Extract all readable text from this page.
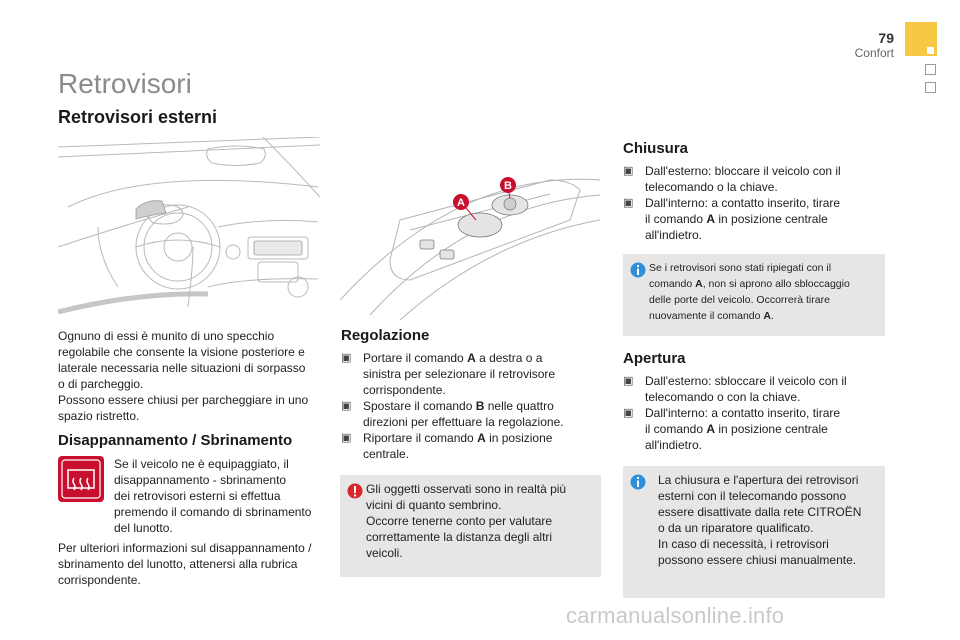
79
Confort
Retrovisori
Retrovisori esterni
A
B
Ognuno di essi è munito di uno specchio
regolabile che consente la visione posteriore e
laterale necessaria nelle situazioni di sorpasso
o di parcheggio.
Possono essere chiusi per parcheggiare in uno
spazio ristretto.
Disappannamento / Sbrinamento
Se il veicolo ne è equipaggiato, il
disappannamento - sbrinamento
dei retrovisori esterni si effettua
premendo il comando di sbrinamento
del lunotto.
Per ulteriori informazioni sul disappannamento /
sbrinamento del lunotto, attenersi alla rubrica
corrispondente.
Regolazione
▣ Portare il comando A a destra o a
sinistra per selezionare il retrovisore
corrispondente.
▣ Spostare il comando B nelle quattro
direzioni per effettuare la regolazione.
▣ Riportare il comando A in posizione
centrale.
Gli oggetti osservati sono in realtà più
vicini di quanto sembrino.
Occorre tenerne conto per valutare
correttamente la distanza degli altri
veicoli.
Chiusura
▣ Dall'esterno: bloccare il veicolo con il
telecomando o la chiave.
▣ Dall'interno: a contatto inserito, tirare
il comando A in posizione centrale
all'indietro.
Se i retrovisori sono stati ripiegati con il
comando A, non si aprono allo sbloccaggio
delle porte del veicolo. Occorrerà tirare
nuovamente il comando A.
Apertura
▣ Dall'esterno: sbloccare il veicolo con il
telecomando o con la chiave.
▣ Dall'interno: a contatto inserito, tirare
il comando A in posizione centrale
all'indietro.
La chiusura e l'apertura dei retrovisori
esterni con il telecomando possono
essere disattivate dalla rete CITROËN
o da un riparatore qualificato.
In caso di necessità, i retrovisori
possono essere chiusi manualmente.
carmanualsonline.info
